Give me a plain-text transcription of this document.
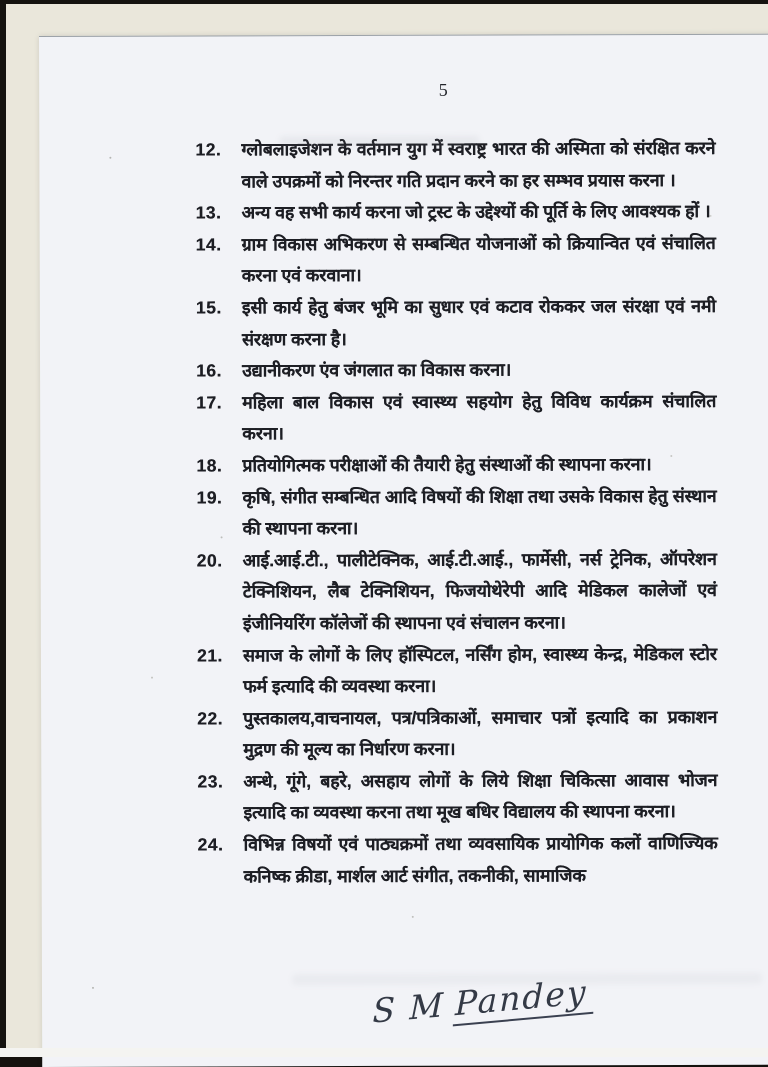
5
12.	ग्लोबलाइजेशन के वर्तमान युग में स्वराष्ट्र भारत की अस्मिता को संरक्षित करने वाले उपक्रमों को निरन्तर गति प्रदान करने का हर सम्भव प्रयास करना ।
13.	अन्य वह सभी कार्य करना जो ट्रस्ट के उद्देश्यों की पूर्ति के लिए आवश्यक हों ।
14.	ग्राम विकास अभिकरण से सम्बन्धित योजनाओं को क्रियान्वित एवं संचालित करना एवं करवाना।
15.	इसी कार्य हेतु बंजर भूमि का सुधार एवं कटाव रोककर जल संरक्षा एवं नमी संरक्षण करना है।
16.	उद्यानीकरण एंव जंगलात का विकास करना।
17.	महिला बाल विकास एवं स्वास्थ्य सहयोग हेतु विविध कार्यक्रम संचालित करना।
18.	प्रतियोगित्मक परीक्षाओं की तैयारी हेतु संस्थाओं की स्थापना करना।
19.	कृषि, संगीत सम्बन्धित आदि विषयों की शिक्षा तथा उसके विकास हेतु संस्थान की स्थापना करना।
20.	आई.आई.टी., पालीटेक्निक, आई.टी.आई., फार्मेसी, नर्स ट्रेनिक, ऑपरेशन टेक्निशियन, लैब टेक्निशियन, फिजयोथेरेपी आदि मेडिकल कालेजों एवं इंजीनियरिंग कॉलेजों की स्थापना एवं संचालन करना।
21.	समाज के लोगों के लिए हॉस्पिटल, नर्सिंग होम, स्वास्थ्य केन्द्र, मेडिकल स्टोर फर्म इत्यादि की व्यवस्था करना।
22.	पुस्तकालय,वाचनायल, पत्र/पत्रिकाओं, समाचार पत्रों इत्यादि का प्रकाशन मुद्रण की मूल्य का निर्धारण करना।
23.	अन्धे, गूंगे, बहरे, असहाय लोगों के लिये शिक्षा चिकित्सा आवास भोजन इत्यादि का व्यवस्था करना तथा मूख बधिर विद्यालय की स्थापना करना।
24.	विभिन्न विषयों एवं पाठ्यक्रमों तथा व्यवसायिक प्रायोगिक कलों वाणिज्यिक कनिष्क क्रीडा, मार्शल आर्ट संगीत, तकनीकी, सामाजिक
S M Pandey
